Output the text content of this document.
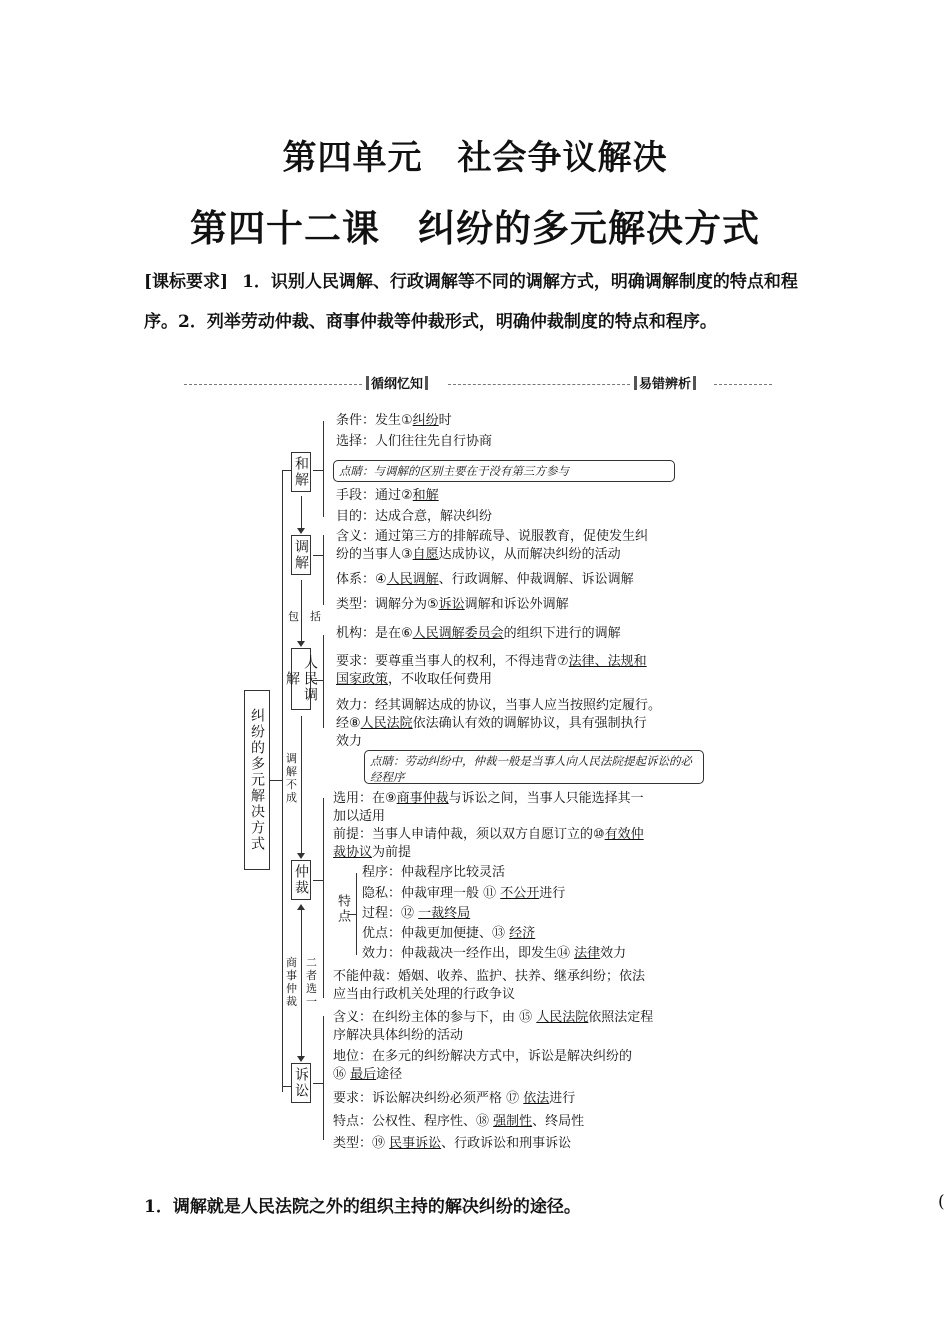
第四单元　社会争议解决
第四十二课　纠纷的多元解决方式
[课标要求] 1．识别人民调解、行政调解等不同的调解方式，明确调解制度的特点和程序。2．列举劳动仲裁、商事仲裁等仲裁形式，明确仲裁制度的特点和程序。
循纲忆知	易错辨析
纠纷的多元解决方式
和解
调解
人民调解
仲裁
诉讼
包　括
调解不成
商事仲裁
二者选一
条件：发生①纠纷时
选择：人们往往先自行协商
点睛：与调解的区别主要在于没有第三方参与
手段：通过②和解
目的：达成合意，解决纠纷
含义：通过第三方的排解疏导、说服教育，促使发生纠
纷的当事人③自愿达成协议，从而解决纠纷的活动
体系：④人民调解、行政调解、仲裁调解、诉讼调解
类型：调解分为⑤诉讼调解和诉讼外调解
机构：是在⑥人民调解委员会的组织下进行的调解
要求：要尊重当事人的权利，不得违背⑦法律、法规和
国家政策，不收取任何费用
效力：经其调解达成的协议，当事人应当按照约定履行。
经⑧人民法院依法确认有效的调解协议，具有强制执行
效力
点睛：劳动纠纷中，仲裁一般是当事人向人民法院提起诉讼的必经程序
选用：在⑨商事仲裁与诉讼之间，当事人只能选择其一
加以适用
前提：当事人申请仲裁，须以双方自愿订立的⑩有效仲
裁协议为前提
特点
程序：仲裁程序比较灵活
隐私：仲裁审理一般 ⑪ 不公开进行
过程：⑫ 一裁终局
优点：仲裁更加便捷、⑬ 经济
效力：仲裁裁决一经作出，即发生⑭ 法律效力
不能仲裁：婚姻、收养、监护、扶养、继承纠纷；依法
应当由行政机关处理的行政争议
含义：在纠纷主体的参与下，由 ⑮ 人民法院依照法定程
序解决具体纠纷的活动
地位：在多元的纠纷解决方式中，诉讼是解决纠纷的
⑯ 最后途径
要求：诉讼解决纠纷必须严格 ⑰ 依法进行
特点：公权性、程序性、⑱ 强制性、终局性
类型：⑲ 民事诉讼、行政诉讼和刑事诉讼
1．调解就是人民法院之外的组织主持的解决纠纷的途径。	(
